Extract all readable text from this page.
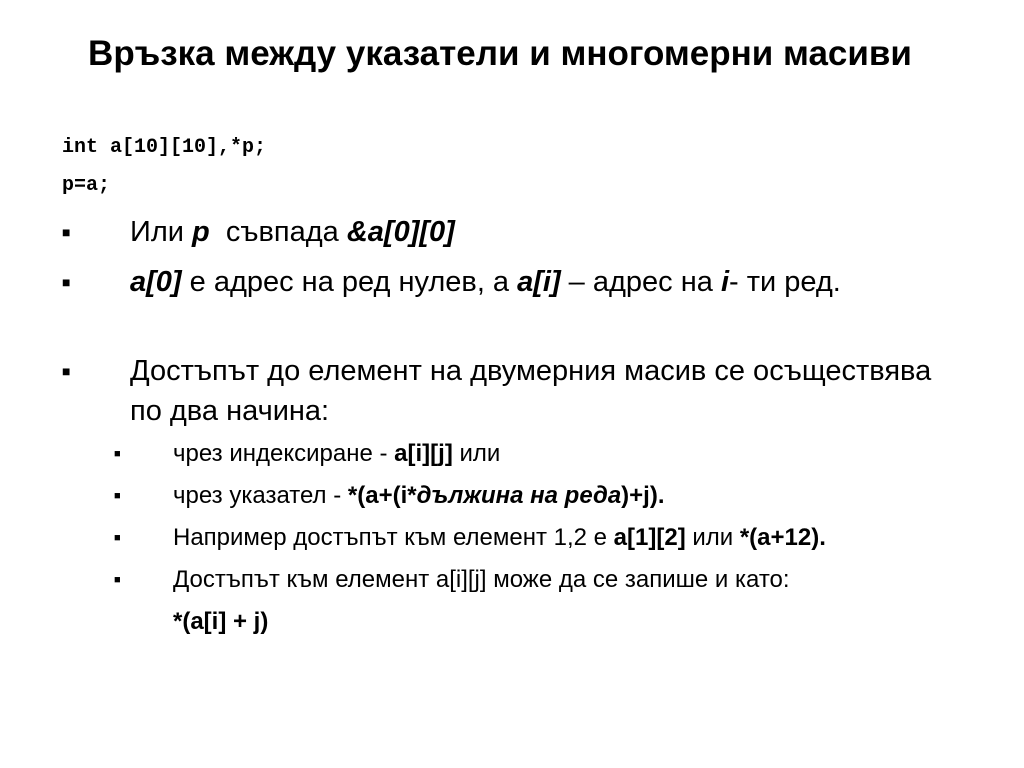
Връзка между указатели и многомерни масиви
int a[10][10],*p;
p=a;
■ Или p  съвпада &a[0][0]
■ a[0] е адрес на ред нулев, а a[i] – адрес на i- ти ред.
■ Достъпът до елемент на двумерния масив се осъществява по два начина:
■ чрез индексиране - a[i][j] или
■ чрез указател - *(a+(i*дължина на реда)+j).
■ Например достъпът към елемент 1,2 е a[1][2] или *(a+12).
■ Достъпът към елемент a[i][j] може да се запише и като:
*(a[i] + j)
